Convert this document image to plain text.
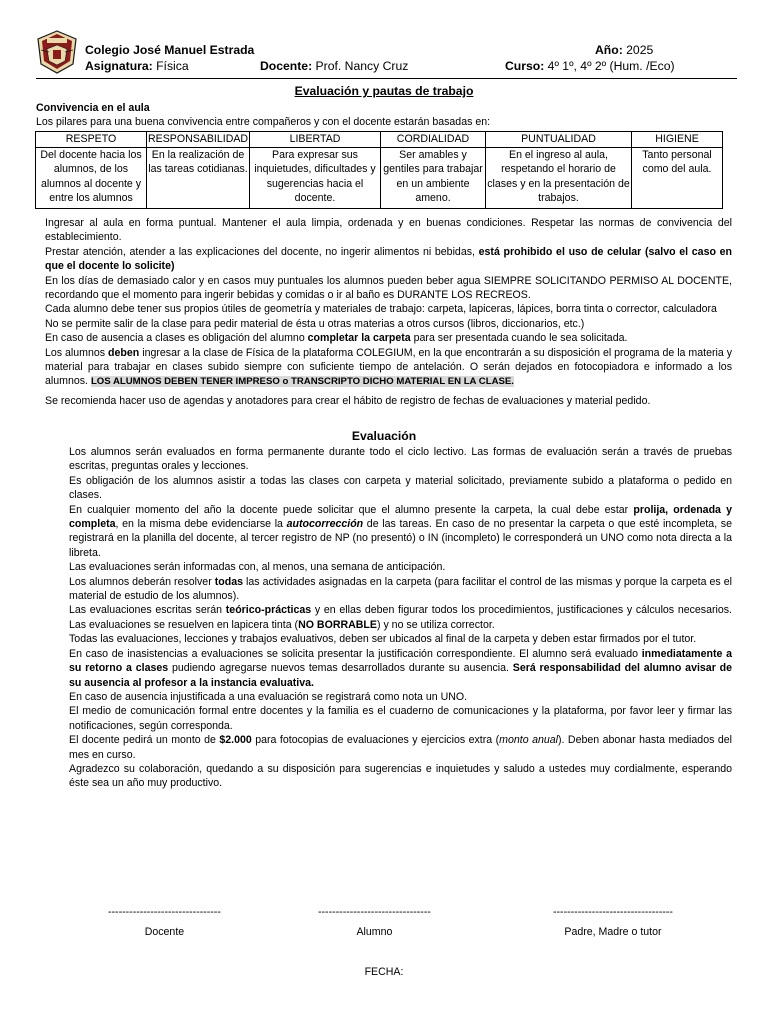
Colegio José Manuel Estrada
Asignatura: Física	Docente: Prof. Nancy Cruz
Año: 2025
Curso: 4º 1º, 4º 2º (Hum. /Eco)
Evaluación y pautas de trabajo
Convivencia en el aula
Los pilares para una buena convivencia entre compañeros y con el docente estarán basadas en:
RESPETO	RESPONSABILIDAD	LIBERTAD	CORDIALIDAD	PUNTUALIDAD	HIGIENE
Del docente hacia los alumnos, de los alumnos al docente y entre los alumnos	En la realización de las tareas cotidianas.	Para expresar sus inquietudes, dificultades y sugerencias hacia el docente.	Ser amables y gentiles para trabajar en un ambiente ameno.	En el ingreso al aula, respetando el horario de clases y en la presentación de trabajos.	Tanto personal como del aula.

Ingresar al aula en forma puntual. Mantener el aula limpia, ordenada y en buenas condiciones. Respetar las normas de convivencia del establecimiento.

Prestar atención, atender a las explicaciones del docente, no ingerir alimentos ni bebidas, está prohibido el uso de celular (salvo el caso en que el docente lo solicite)

En los días de demasiado calor y en casos muy puntuales los alumnos pueden beber agua SIEMPRE SOLICITANDO PERMISO AL DOCENTE, recordando que el momento para ingerir bebidas y comidas o ir al baño es DURANTE LOS RECREOS.

Cada alumno debe tener sus propios útiles de geometría y materiales de trabajo: carpeta, lapiceras, lápices, borra tinta o corrector, calculadora

No se permite salir de la clase para pedir material de ésta u otras materias a otros cursos (libros, diccionarios, etc.)

En caso de ausencia a clases es obligación del alumno completar la carpeta para ser presentada cuando le sea solicitada.

Los alumnos deben ingresar a la clase de Física de la plataforma COLEGIUM, en la que encontrarán a su disposición el programa de la materia y material para trabajar en clases subido siempre con suficiente tiempo de antelación. O serán dejados en fotocopiadora e informado a los alumnos. LOS ALUMNOS DEBEN TENER IMPRESO o TRANSCRIPTO DICHO MATERIAL EN LA CLASE.

Se recomienda hacer uso de agendas y anotadores para crear el hábito de registro de fechas de evaluaciones y material pedido.

Evaluación

Los alumnos serán evaluados en forma permanente durante todo el ciclo lectivo. Las formas de evaluación serán a través de pruebas escritas, preguntas orales y lecciones.

Es obligación de los alumnos asistir a todas las clases con carpeta y material solicitado, previamente subido a plataforma o pedido en clases.

En cualquier momento del año la docente puede solicitar que el alumno presente la carpeta, la cual debe estar prolija, ordenada y completa, en la misma debe evidenciarse la autocorrección de las tareas. En caso de no presentar la carpeta o que esté incompleta, se registrará en la planilla del docente, al tercer registro de NP (no presentó) o IN (incompleto) le corresponderá un UNO como nota directa a la libreta.

Las evaluaciones serán informadas con, al menos, una semana de anticipación.

Los alumnos deberán resolver todas las actividades asignadas en la carpeta (para facilitar el control de las mismas y porque la carpeta es el material de estudio de los alumnos).

Las evaluaciones escritas serán teórico-prácticas y en ellas deben figurar todos los procedimientos, justificaciones y cálculos necesarios. Las evaluaciones se resuelven en lapicera tinta (NO BORRABLE) y no se utiliza corrector.

Todas las evaluaciones, lecciones y trabajos evaluativos, deben ser ubicados al final de la carpeta y deben estar firmados por el tutor.

En caso de inasistencias a evaluaciones se solicita presentar la justificación correspondiente. El alumno será evaluado inmediatamente a su retorno a clases pudiendo agregarse nuevos temas desarrollados durante su ausencia. Será responsabilidad del alumno avisar de su ausencia al profesor a la instancia evaluativa.

En caso de ausencia injustificada a una evaluación se registrará como nota un UNO.

El medio de comunicación formal entre docentes y la familia es el cuaderno de comunicaciones y la plataforma, por favor leer y firmar las notificaciones, según corresponda.

El docente pedirá un monto de $2.000 para fotocopias de evaluaciones y ejercicios extra (monto anual). Deben abonar hasta mediados del mes en curso.

Agradezco su colaboración, quedando a su disposición para sugerencias e inquietudes y saludo a ustedes muy cordialmente, esperando éste sea un año muy productivo.

--------------------------------
Docente
--------------------------------
Alumno
----------------------------------
Padre, Madre o tutor
FECHA:
